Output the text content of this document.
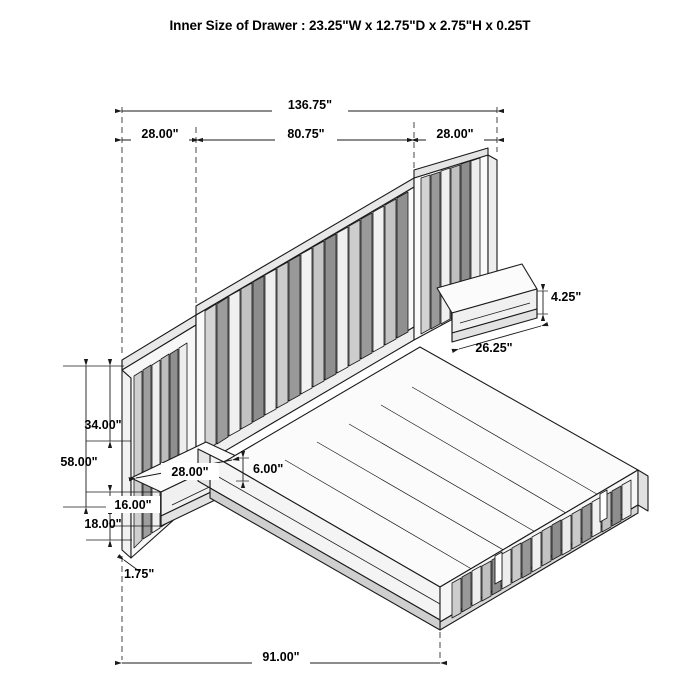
Inner Size of Drawer : 23.25"W x 12.75"D x 2.75"H x 0.25T
136.75"
28.00"	80.75"	28.00"
4.25"
26.25"
34.00"
58.00"
28.00"	6.00"
16.00"
18.00"
1.75"
91.00"
